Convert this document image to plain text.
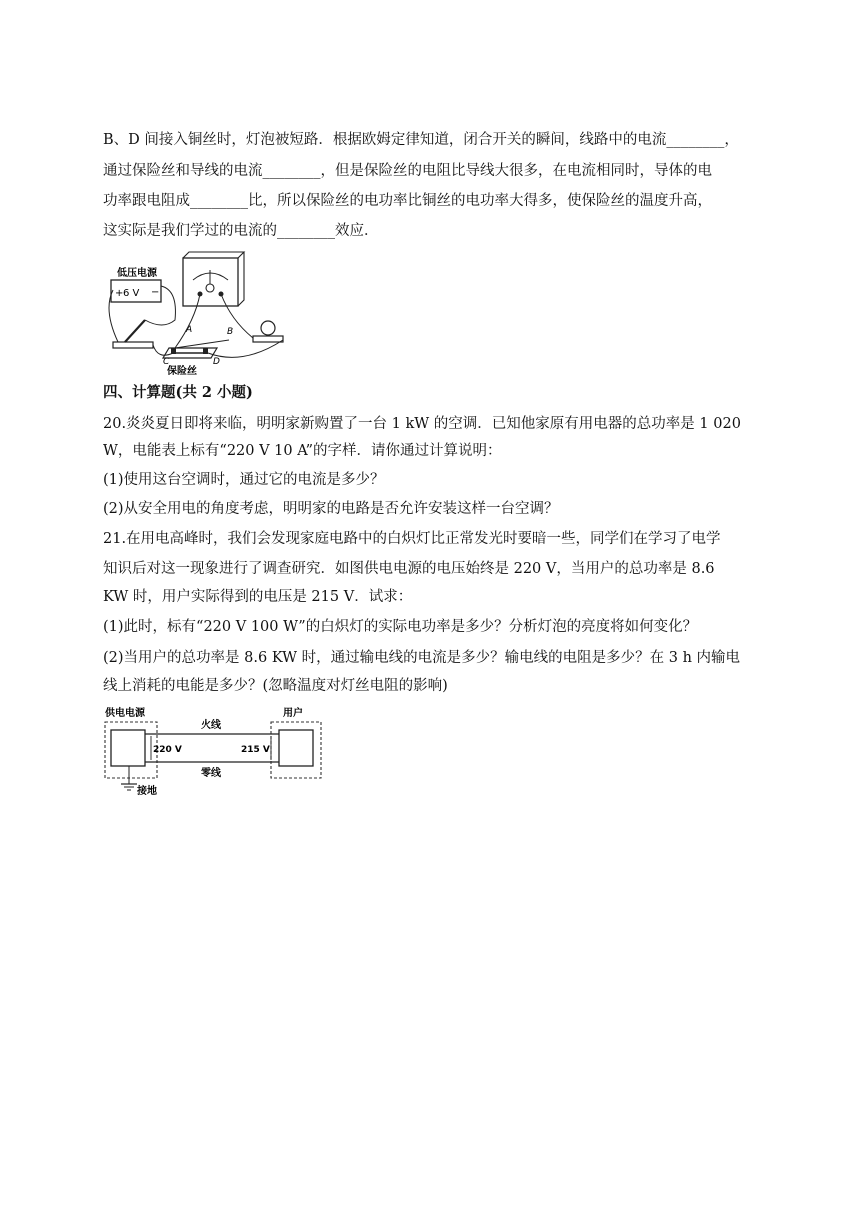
B、D 间接入铜丝时，灯泡被短路．根据欧姆定律知道，闭合开关的瞬间，线路中的电流________，
通过保险丝和导线的电流________，但是保险丝的电阻比导线大很多，在电流相同时，导体的电
功率跟电阻成________比，所以保险丝的电功率比铜丝的电功率大得多，使保险丝的温度升高，
这实际是我们学过的电流的________效应．
低压电源
+ 6 V −
A	B
C	D
保险丝
四、计算题(共 2 小题)
20.炎炎夏日即将来临，明明家新购置了一台 1 kW 的空调．已知他家原有用电器的总功率是 1 020
W，电能表上标有“220 V 10 A”的字样．请你通过计算说明：
(1)使用这台空调时，通过它的电流是多少？
(2)从安全用电的角度考虑，明明家的电路是否允许安装这样一台空调？
21.在用电高峰时，我们会发现家庭电路中的白炽灯比正常发光时要暗一些，同学们在学习了电学
知识后对这一现象进行了调查研究．如图供电电源的电压始终是 220 V，当用户的总功率是 8.6
KW 时，用户实际得到的电压是 215 V．试求：
(1)此时，标有“220 V 100 W”的白炽灯的实际电功率是多少？分析灯泡的亮度将如何变化？
(2)当用户的总功率是 8.6 KW 时，通过输电线的电流是多少？输电线的电阻是多少？在 3 h 内输电
线上消耗的电能是多少？(忽略温度对灯丝电阻的影响)
供电电源	用户
火线
零线
220 V	215 V
接地
